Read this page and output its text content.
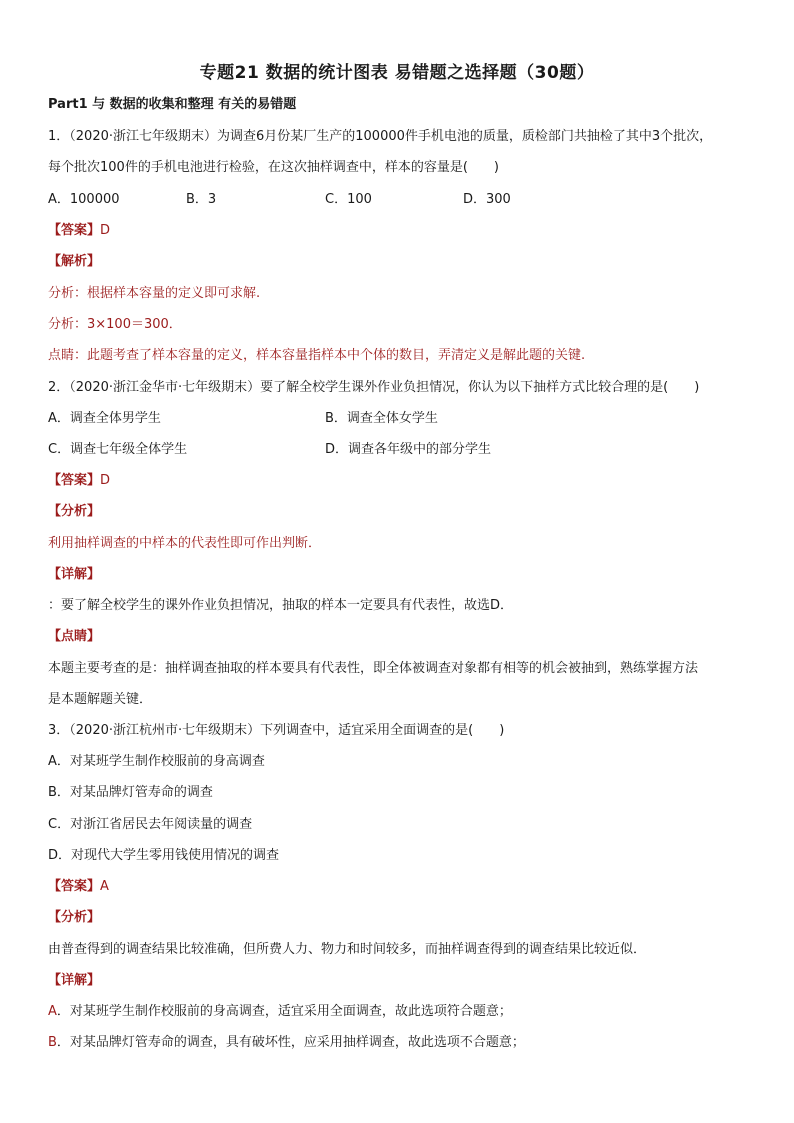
专题21 数据的统计图表 易错题之选择题（30题）
Part1 与 数据的收集和整理 有关的易错题
1．（2020·浙江七年级期末）为调查6月份某厂生产的100000件手机电池的质量，质检部门共抽检了其中3个批次，
每个批次100件的手机电池进行检验，在这次抽样调查中，样本的容量是(　　)
A．100000	B．3	C．100	D．300
【答案】D
【解析】
分析：根据样本容量的定义即可求解.
分析：3×100＝300．
点睛：此题考查了样本容量的定义，样本容量指样本中个体的数目，弄清定义是解此题的关键.
2．（2020·浙江金华市·七年级期末）要了解全校学生课外作业负担情况，你认为以下抽样方式比较合理的是(　　)
A．调查全体男学生	B．调查全体女学生
C．调查七年级全体学生	D．调查各年级中的部分学生
【答案】D
【分析】
利用抽样调查的中样本的代表性即可作出判断．
【详解】
：要了解全校学生的课外作业负担情况，抽取的样本一定要具有代表性，故选D．
【点睛】
本题主要考查的是：抽样调查抽取的样本要具有代表性，即全体被调查对象都有相等的机会被抽到，熟练掌握方法
是本题解题关键．
3．（2020·浙江杭州市·七年级期末）下列调查中，适宜采用全面调查的是(　　)
A．对某班学生制作校服前的身高调查
B．对某品牌灯管寿命的调查
C．对浙江省居民去年阅读量的调查
D．对现代大学生零用钱使用情况的调查
【答案】A
【分析】
由普查得到的调查结果比较准确，但所费人力、物力和时间较多，而抽样调查得到的调查结果比较近似．
【详解】
A．对某班学生制作校服前的身高调查，适宜采用全面调查，故此选项符合题意；
B．对某品牌灯管寿命的调查，具有破坏性，应采用抽样调查，故此选项不合题意；
